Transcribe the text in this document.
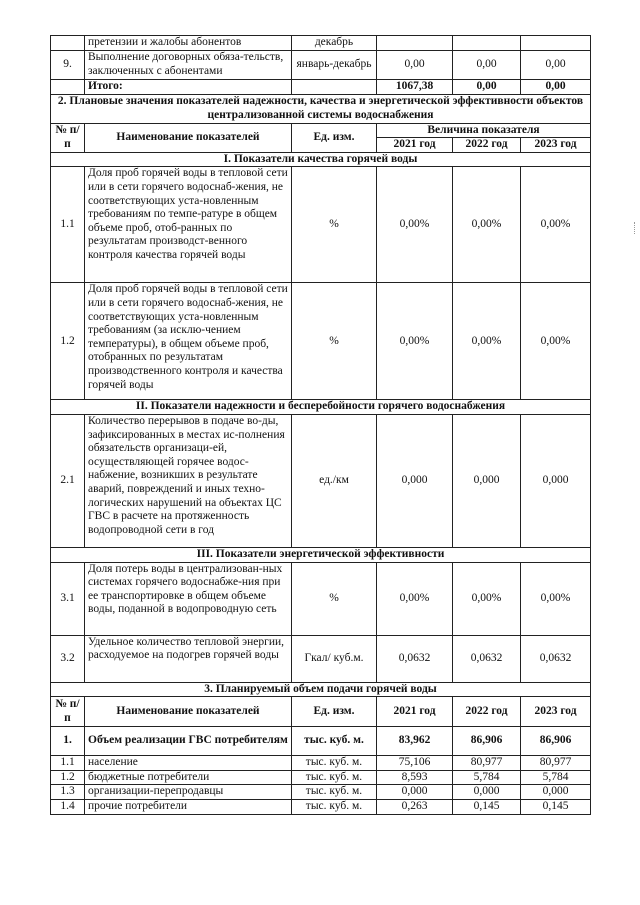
	претензии и жалобы абонентов	декабрь			
9.	Выполнение договорных обяза-тельств, заключенных с абонентами	январь-декабрь	0,00	0,00	0,00
	Итого:		1067,38	0,00	0,00
2. Плановые значения показателей надежности, качества и энергетической эффективности объектов централизованной системы водоснабжения					
№ п/п	Наименование показателей	Ед. изм.	Величина показателя		
			2021 год	2022 год	2023 год
I. Показатели качества горячей воды					
1.1	Доля проб горячей воды в тепловой сети или в сети горячего водоснаб-жения, не соответствующих уста-новленным требованиям по темпе-ратуре в общем объеме проб, отоб-ранных по результатам производст-венного контроля качества горячей воды	%	0,00%	0,00%	0,00%
1.2	Доля проб горячей воды в тепловой сети или в сети горячего водоснаб-жения, не соответствующих уста-новленным требованиям (за исклю-чением температуры), в общем объеме проб, отобранных по результатам производственного контроля и качества горячей воды	%	0,00%	0,00%	0,00%
II. Показатели надежности и бесперебойности горячего водоснабжения					
2.1	Количество перерывов в подаче во-ды, зафиксированных в местах ис-полнения обязательств организаци-ей, осуществляющей горячее водос-набжение, возникших в результате аварий, повреждений и иных техно-логических нарушений на объектах ЦС ГВС в расчете на протяженность водопроводной сети в год	ед./км	0,000	0,000	0,000
III. Показатели энергетической эффективности					
3.1	Доля потерь воды в централизован-ных системах горячего водоснабже-ния при ее транспортировке в общем объеме воды, поданной в водопроводную сеть	%	0,00%	0,00%	0,00%
3.2	Удельное количество тепловой энергии, расходуемое на подогрев горячей воды	Гкал/ куб.м.	0,0632	0,0632	0,0632
3. Планируемый объем подачи горячей воды					
№ п/п	Наименование показателей	Ед. изм.	2021 год	2022 год	2023 год
1.	Объем реализации ГВС потребителям	тыс. куб. м.	83,962	86,906	86,906
1.1	население	тыс. куб. м.	75,106	80,977	80,977
1.2	бюджетные потребители	тыс. куб. м.	8,593	5,784	5,784
1.3	организации-перепродавцы	тыс. куб. м.	0,000	0,000	0,000
1.4	прочие потребители	тыс. куб. м.	0,263	0,145	0,145
